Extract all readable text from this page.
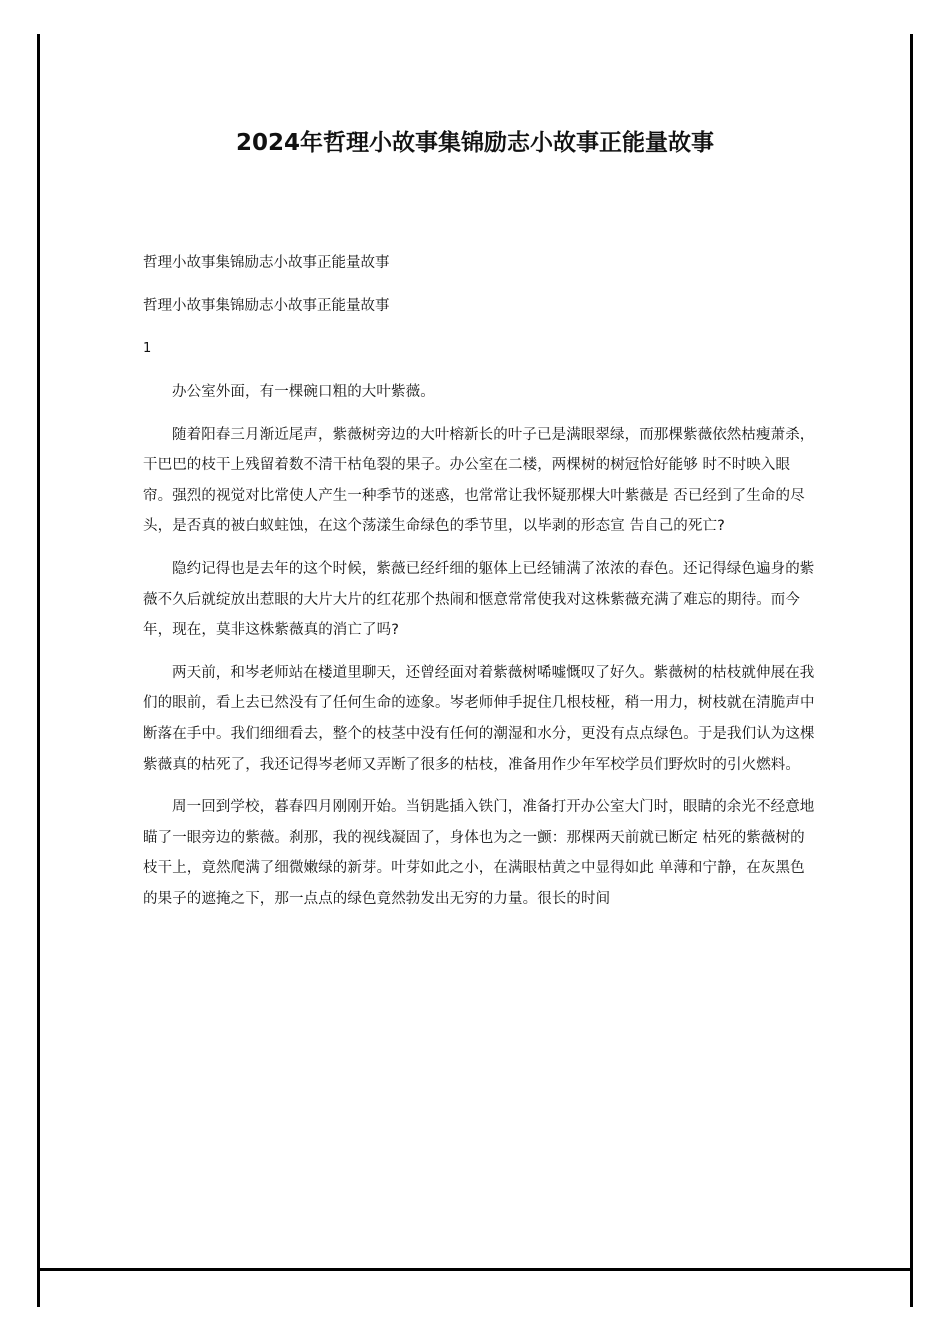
2024年哲理小故事集锦励志小故事正能量故事

哲理小故事集锦励志小故事正能量故事

哲理小故事集锦励志小故事正能量故事

1

办公室外面，有一棵碗口粗的大叶紫薇。

随着阳春三月渐近尾声，紫薇树旁边的大叶榕新长的叶子已是满眼翠绿，而那棵紫薇依然枯瘦萧杀，干巴巴的枝干上残留着数不清干枯龟裂的果子。办公室在二楼，两棵树的树冠恰好能够 时不时映入眼帘。强烈的视觉对比常使人产生一种季节的迷惑，也常常让我怀疑那棵大叶紫薇是 否已经到了生命的尽头，是否真的被白蚁蛀蚀，在这个荡漾生命绿色的季节里，以毕剥的形态宣 告自己的死亡?

隐约记得也是去年的这个时候，紫薇已经纤细的躯体上已经铺满了浓浓的春色。还记得绿色遍身的紫薇不久后就绽放出惹眼的大片大片的红花那个热闹和惬意常常使我对这株紫薇充满了难忘的期待。而今年，现在，莫非这株紫薇真的消亡了吗?

两天前，和岑老师站在楼道里聊天，还曾经面对着紫薇树唏嘘慨叹了好久。紫薇树的枯枝就伸展在我们的眼前，看上去已然没有了任何生命的迹象。岑老师伸手捉住几根枝桠，稍一用力，树枝就在清脆声中断落在手中。我们细细看去，整个的枝茎中没有任何的潮湿和水分，更没有点点绿色。于是我们认为这棵紫薇真的枯死了，我还记得岑老师又弄断了很多的枯枝，准备用作少年军校学员们野炊时的引火燃料。

周一回到学校，暮春四月刚刚开始。当钥匙插入铁门，准备打开办公室大门时，眼睛的余光不经意地瞄了一眼旁边的紫薇。刹那，我的视线凝固了，身体也为之一颤：那棵两天前就已断定 枯死的紫薇树的枝干上，竟然爬满了细微嫩绿的新芽。叶芽如此之小，在满眼枯黄之中显得如此 单薄和宁静，在灰黑色的果子的遮掩之下，那一点点的绿色竟然勃发出无穷的力量。很长的时间
